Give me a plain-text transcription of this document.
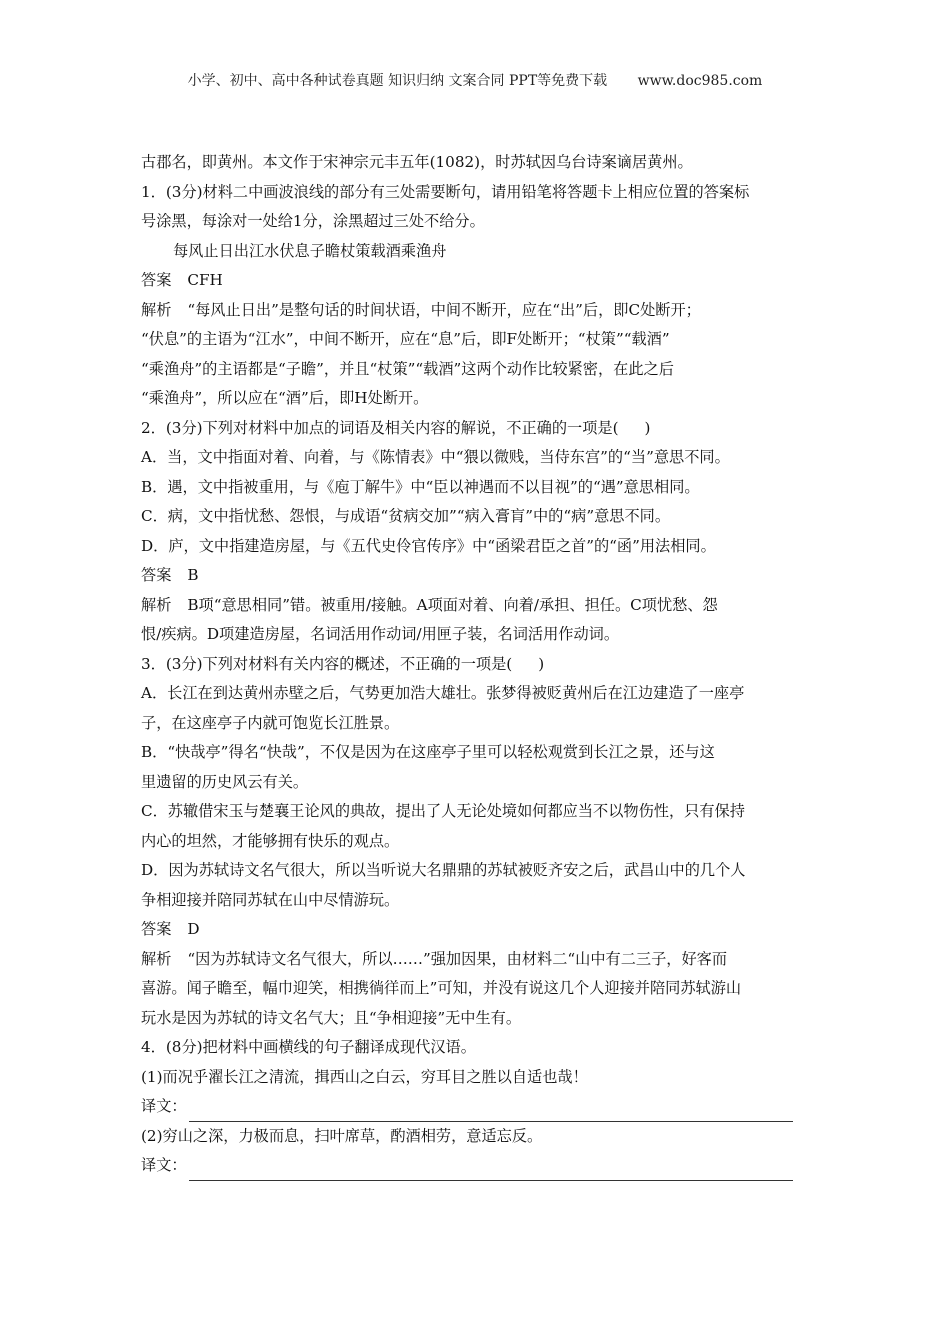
小学、初中、高中各种试卷真题 知识归纳 文案合同 PPT等免费下载 www.doc985.com

古郡名，即黄州。本文作于宋神宗元丰五年(1082)，时苏轼因乌台诗案谪居黄州。

1．(3分)材料二中画波浪线的部分有三处需要断句，请用铅笔将答题卡上相应位置的答案标

号涂黑，每涂对一处给1分，涂黑超过三处不给分。

每风止日出江水伏息子瞻杖策载酒乘渔舟

答案 CFH

解析 “每风止日出”是整句话的时间状语，中间不断开，应在“出”后，即C处断开；

“伏息”的主语为“江水”，中间不断开，应在“息”后，即F处断开；“杖策”“载酒”

“乘渔舟”的主语都是“子瞻”，并且“杖策”“载酒”这两个动作比较紧密，在此之后

“乘渔舟”，所以应在“酒”后，即H处断开。

2．(3分)下列对材料中加点的词语及相关内容的解说，不正确的一项是( )

A．当，文中指面对着、向着，与《陈情表》中“猥以微贱，当侍东宫”的“当”意思不同。

B．遇，文中指被重用，与《庖丁解牛》中“臣以神遇而不以目视”的“遇”意思相同。

C．病，文中指忧愁、怨恨，与成语“贫病交加”“病入膏肓”中的“病”意思不同。

D．庐，文中指建造房屋，与《五代史伶官传序》中“函梁君臣之首”的“函”用法相同。

答案 B

解析 B项“意思相同”错。被重用/接触。A项面对着、向着/承担、担任。C项忧愁、怨

恨/疾病。D项建造房屋，名词活用作动词/用匣子装，名词活用作动词。

3．(3分)下列对材料有关内容的概述，不正确的一项是( )

A．长江在到达黄州赤壁之后，气势更加浩大雄壮。张梦得被贬黄州后在江边建造了一座亭

子，在这座亭子内就可饱览长江胜景。

B．“快哉亭”得名“快哉”，不仅是因为在这座亭子里可以轻松观赏到长江之景，还与这

里遗留的历史风云有关。

C．苏辙借宋玉与楚襄王论风的典故，提出了人无论处境如何都应当不以物伤性，只有保持

内心的坦然，才能够拥有快乐的观点。

D．因为苏轼诗文名气很大，所以当听说大名鼎鼎的苏轼被贬齐安之后，武昌山中的几个人

争相迎接并陪同苏轼在山中尽情游玩。

答案 D

解析 “因为苏轼诗文名气很大，所以……”强加因果，由材料二“山中有二三子，好客而

喜游。闻子瞻至，幅巾迎笑，相携徜徉而上”可知，并没有说这几个人迎接并陪同苏轼游山

玩水是因为苏轼的诗文名气大；且“争相迎接”无中生有。

4．(8分)把材料中画横线的句子翻译成现代汉语。

(1)而况乎濯长江之清流，揖西山之白云，穷耳目之胜以自适也哉！

译文：

(2)穷山之深，力极而息，扫叶席草，酌酒相劳，意适忘反。

译文：
